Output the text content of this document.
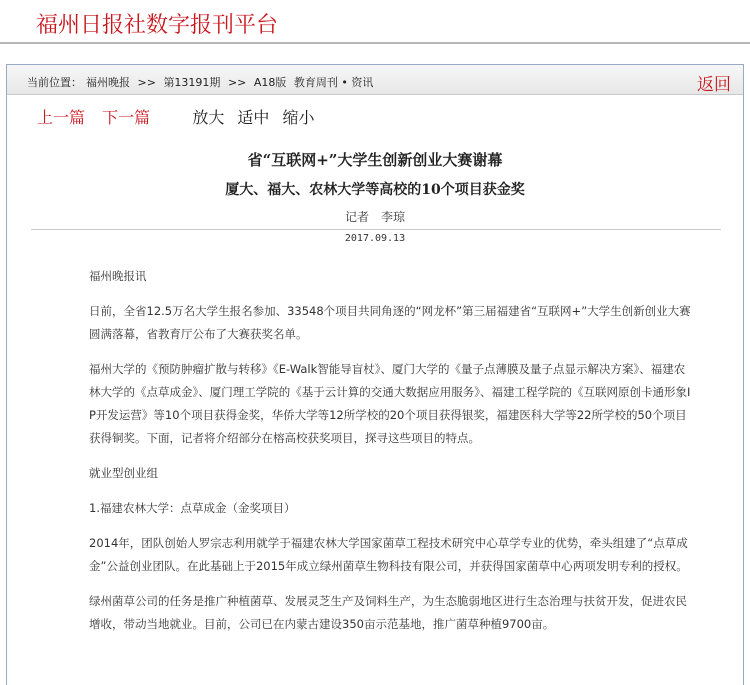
福州日报社数字报刊平台
当前位置： 福州晚报 >> 第13191期 >> A18版 教育周刊 • 资讯	返回
上一篇 下一篇	放大 适中 缩小
省“互联网+”大学生创新创业大赛谢幕
厦大、福大、农林大学等高校的10个项目获金奖
记者 李琼
2017.09.13

福州晚报讯

日前，全省12.5万名大学生报名参加、33548个项目共同角逐的“网龙杯”第三届福建省“互联网+”大学生创新创业大赛圆满落幕，省教育厅公布了大赛获奖名单。

福州大学的《预防肿瘤扩散与转移》《E-Walk智能导盲杖》、厦门大学的《量子点薄膜及量子点显示解决方案》、福建农林大学的《点草成金》、厦门理工学院的《基于云计算的交通大数据应用服务》、福建工程学院的《互联网原创卡通形象IP开发运营》等10个项目获得金奖，华侨大学等12所学校的20个项目获得银奖，福建医科大学等22所学校的50个项目获得铜奖。下面，记者将介绍部分在榕高校获奖项目，探寻这些项目的特点。

就业型创业组

1.福建农林大学：点草成金（金奖项目）

2014年，团队创始人罗宗志利用就学于福建农林大学国家菌草工程技术研究中心草学专业的优势，牵头组建了“点草成金”公益创业团队。在此基础上于2015年成立绿州菌草生物科技有限公司，并获得国家菌草中心两项发明专利的授权。

绿州菌草公司的任务是推广种植菌草、发展灵芝生产及饲料生产，为生态脆弱地区进行生态治理与扶贫开发，促进农民增收，带动当地就业。目前，公司已在内蒙古建设350亩示范基地，推广菌草种植9700亩。
